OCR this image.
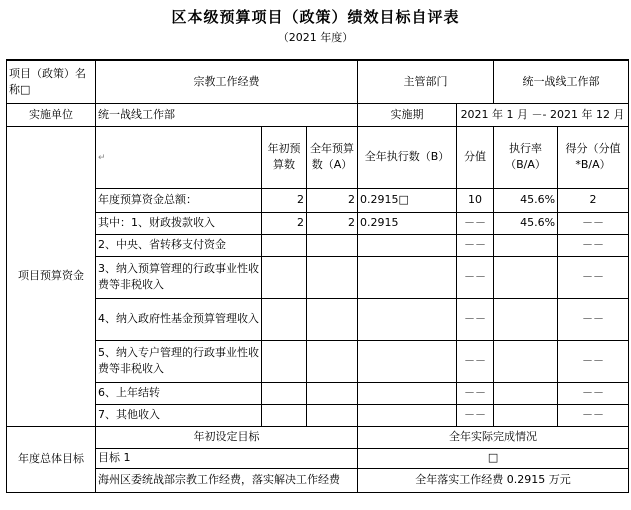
区本级预算项目（政策）绩效目标自评表
（2021 年度）
项目（政策）名称□	宗教工作经费			主管部门		统一战线工作部	
实施单位	统一战线工作部			实施期	2021 年 1 月 －- 2021 年 12 月		
项目预算资金	↵	年初预算数	全年预算数（A）	全年执行数（B）	分值	执行率（B/A）	得分（分值*B/A）
	年度预算资金总额：	2	2	0.2915□	10	45.6%	2
	其中：1、财政拨款收入	2	2	0.2915	－－	45.6%	－－
	2、中央、省转移支付资金				－－		－－
	3、纳入预算管理的行政事业性收费等非税收入				－－		－－
	4、纳入政府性基金预算管理收入				－－		－－
	5、纳入专户管理的行政事业性收费等非税收入				－－		－－
	6、上年结转				－－		－－
	7、其他收入				－－		－－
年度总体目标	年初设定目标			全年实际完成情况			
	目标 1			□			
	海州区委统战部宗教工作经费，落实解决工作经费			全年落实工作经费 0.2915 万元			
